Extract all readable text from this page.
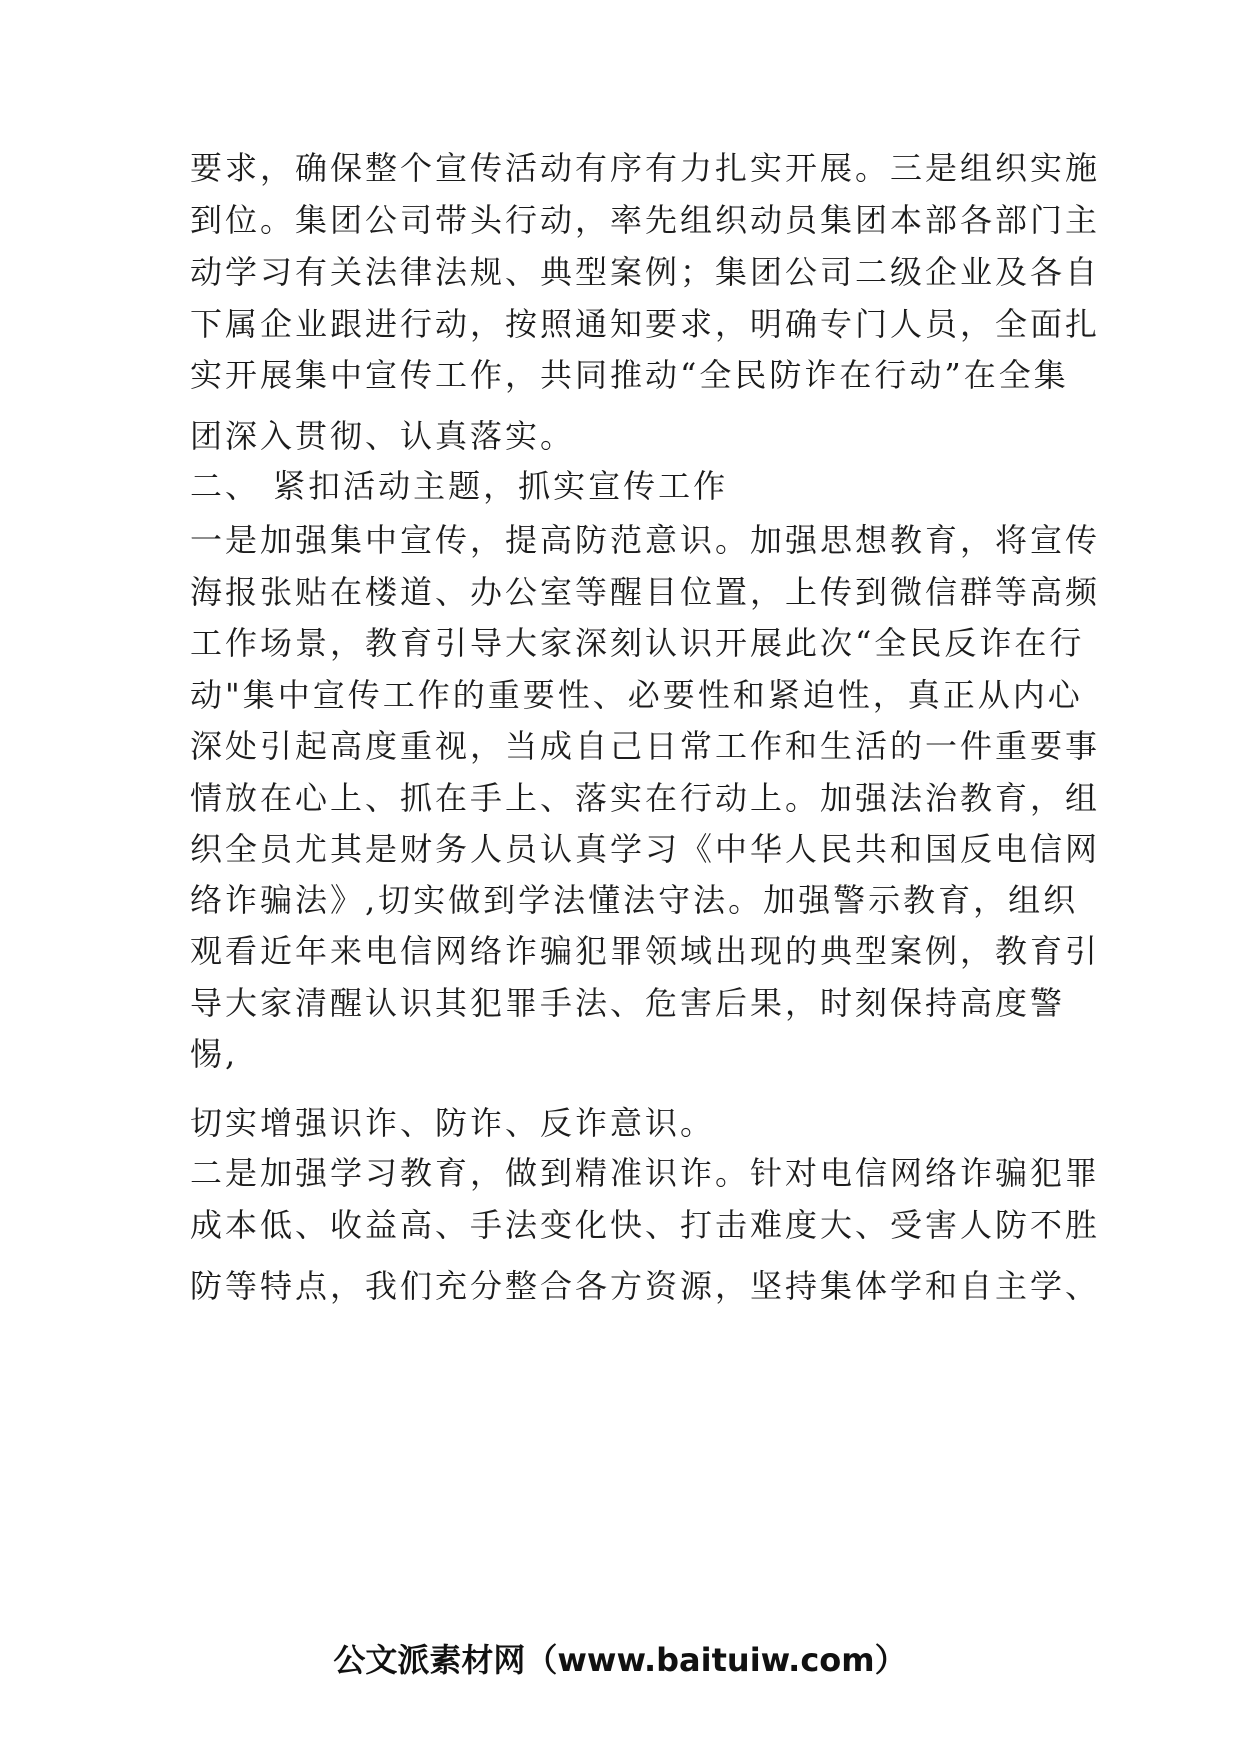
要求，确保整个宣传活动有序有力扎实开展。三是组织实施

到位。集团公司带头行动，率先组织动员集团本部各部门主

动学习有关法律法规、典型案例；集团公司二级企业及各自

下属企业跟进行动，按照通知要求，明确专门人员，全面扎

实开展集中宣传工作，共同推动“全民防诈在行动”在全集

团深入贯彻、认真落实。

二、 紧扣活动主题，抓实宣传工作

一是加强集中宣传，提高防范意识。加强思想教育，将宣传

海报张贴在楼道、办公室等醒目位置，上传到微信群等高频

工作场景，教育引导大家深刻认识开展此次“全民反诈在行

动"集中宣传工作的重要性、必要性和紧迫性，真正从内心

深处引起高度重视，当成自己日常工作和生活的一件重要事

情放在心上、抓在手上、落实在行动上。加强法治教育，组

织全员尤其是财务人员认真学习《中华人民共和国反电信网

络诈骗法》,切实做到学法懂法守法。加强警示教育，组织

观看近年来电信网络诈骗犯罪领域出现的典型案例，教育引

导大家清醒认识其犯罪手法、危害后果，时刻保持高度警

惕,

切实增强识诈、防诈、反诈意识。

二是加强学习教育，做到精准识诈。针对电信网络诈骗犯罪

成本低、收益高、手法变化快、打击难度大、受害人防不胜

防等特点，我们充分整合各方资源，坚持集体学和自主学、

公文派素材网（www.baituiw.com）
